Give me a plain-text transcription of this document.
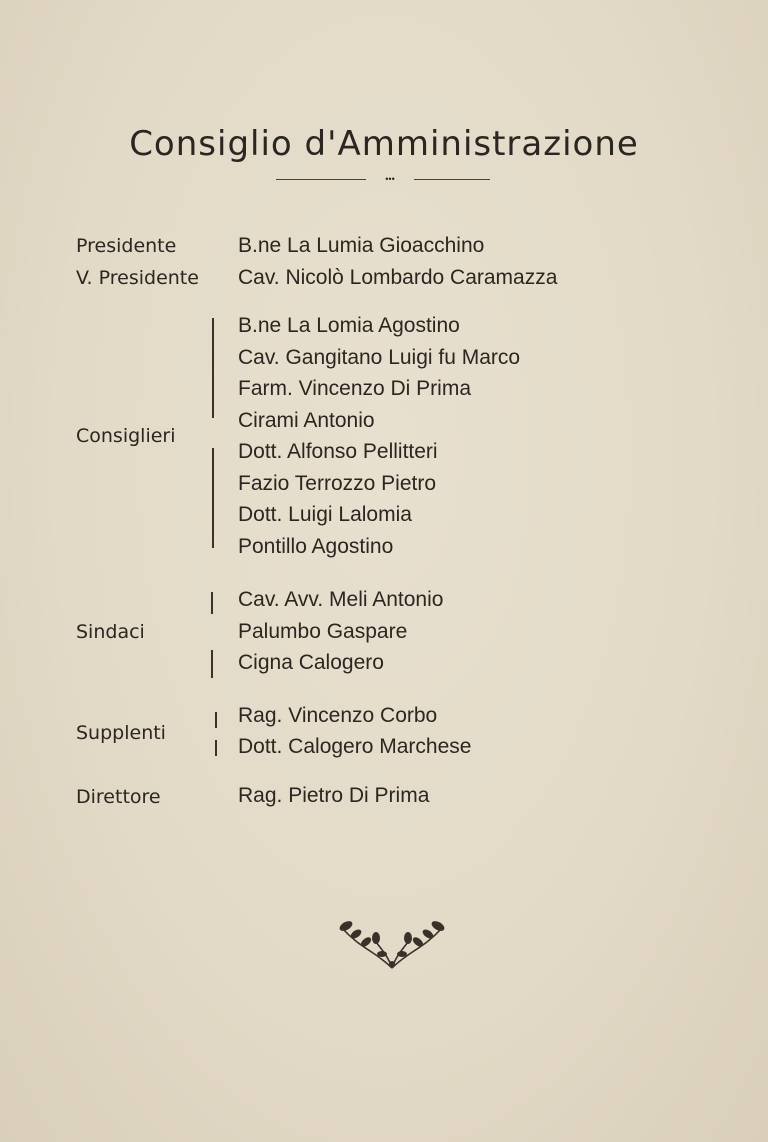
Consiglio d'Amministrazione
•••
Presidente	B.ne La Lumia Gioacchino
V. Presidente Cav. Nicolò Lombardo Caramazza
Consiglieri
B.ne La Lomia Agostino
Cav. Gangitano Luigi fu Marco
Farm. Vincenzo Di Prima
Cirami Antonio
Dott. Alfonso Pellitteri
Fazio Terrozzo Pietro
Dott. Luigi Lalomia
Pontillo Agostino
Sindaci
Cav. Avv. Meli Antonio
Palumbo Gaspare
Cigna Calogero
Supplenti
Rag. Vincenzo Corbo
Dott. Calogero Marchese
Direttore	Rag. Pietro Di Prima
